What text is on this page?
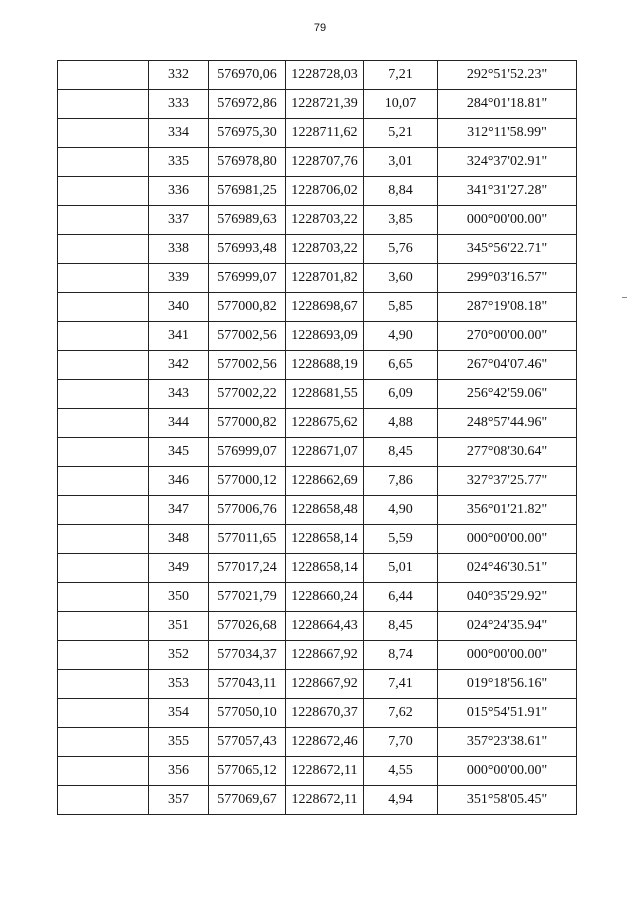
79
	332	576970,06	1228728,03	7,21	292°51'52.23"
	333	576972,86	1228721,39	10,07	284°01'18.81"
	334	576975,30	1228711,62	5,21	312°11'58.99"
	335	576978,80	1228707,76	3,01	324°37'02.91"
	336	576981,25	1228706,02	8,84	341°31'27.28"
	337	576989,63	1228703,22	3,85	000°00'00.00"
	338	576993,48	1228703,22	5,76	345°56'22.71"
	339	576999,07	1228701,82	3,60	299°03'16.57"
	340	577000,82	1228698,67	5,85	287°19'08.18"
	341	577002,56	1228693,09	4,90	270°00'00.00"
	342	577002,56	1228688,19	6,65	267°04'07.46"
	343	577002,22	1228681,55	6,09	256°42'59.06"
	344	577000,82	1228675,62	4,88	248°57'44.96"
	345	576999,07	1228671,07	8,45	277°08'30.64"
	346	577000,12	1228662,69	7,86	327°37'25.77"
	347	577006,76	1228658,48	4,90	356°01'21.82"
	348	577011,65	1228658,14	5,59	000°00'00.00"
	349	577017,24	1228658,14	5,01	024°46'30.51"
	350	577021,79	1228660,24	6,44	040°35'29.92"
	351	577026,68	1228664,43	8,45	024°24'35.94"
	352	577034,37	1228667,92	8,74	000°00'00.00"
	353	577043,11	1228667,92	7,41	019°18'56.16"
	354	577050,10	1228670,37	7,62	015°54'51.91"
	355	577057,43	1228672,46	7,70	357°23'38.61"
	356	577065,12	1228672,11	4,55	000°00'00.00"
	357	577069,67	1228672,11	4,94	351°58'05.45"
